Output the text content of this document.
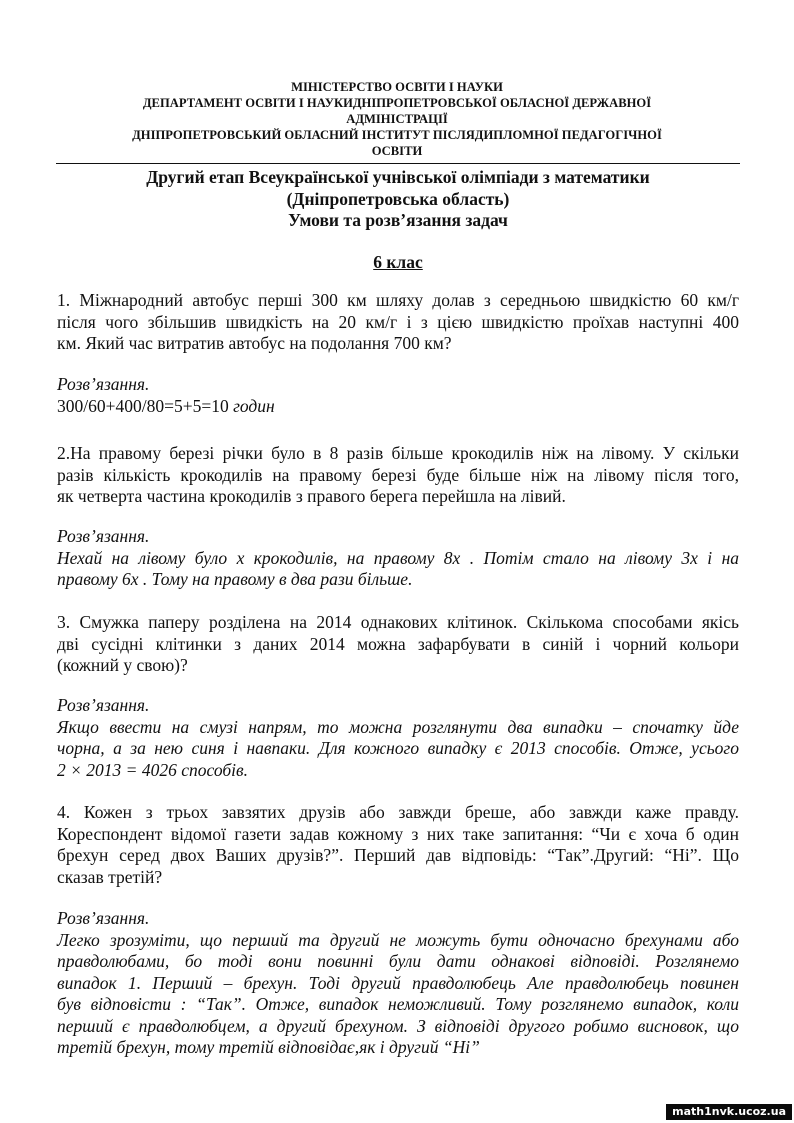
МІНІСТЕРСТВО ОСВІТИ І НАУКИ
ДЕПАРТАМЕНТ ОСВІТИ І НАУКИДНІПРОПЕТРОВСЬКОЇ ОБЛАСНОЇ ДЕРЖАВНОЇ
АДМІНІСТРАЦІЇ
ДНІПРОПЕТРОВСЬКИЙ ОБЛАСНИЙ ІНСТИТУТ ПІСЛЯДИПЛОМНОЇ ПЕДАГОГІЧНОЇ
ОСВІТИ
Другий етап Всеукраїнської учнівської олімпіади з математики
(Дніпропетровська область)
Умови та розв’язання задач
6 клас
1. Міжнародний автобус перші 300 км шляху долав з середньою швидкістю 60 км/г
після чого збільшив швидкість на 20 км/г і з цією швидкістю проїхав наступні 400
км. Який час витратив автобус на подолання 700 км?
Розв’язання.
300/60+400/80=5+5=10 годин
2.На правому березі річки було в 8 разів більше крокодилів ніж на лівому. У скільки
разів кількість крокодилів на правому березі буде більше ніж на лівому після того,
як четверта частина крокодилів з правого берега перейшла на лівий.
Розв’язання.
Нехай на лівому було x крокодилів, на правому 8x . Потім стало на лівому 3x і на
правому 6x . Тому на правому в два рази більше.
3. Смужка паперу розділена на 2014 однакових клітинок. Скількома способами якісь
дві сусідні клітинки з даних 2014 можна зафарбувати в синій і чорний кольори
(кожний у свою)?
Розв’язання.
Якщо ввести на смузі напрям, то можна розглянути два випадки – спочатку йде
чорна, а за нею синя і навпаки. Для кожного випадку є 2013 способів. Отже, усього
2 × 2013 = 4026 способів.
4. Кожен з трьох завзятих друзів або завжди бреше, або завжди каже правду.
Кореспондент відомої газети задав кожному з них таке запитання: “Чи є хоча б один
брехун серед двох Ваших друзів?”. Перший дав відповідь: “Так”.Другий: “Ні”. Що
сказав третій?
Розв’язання.
Легко зрозуміти, що перший та другий не можуть бути одночасно брехунами або
правдолюбами, бо тоді вони повинні були дати однакові відповіді. Розглянемо
випадок 1. Перший – брехун. Тоді другий правдолюбець Але правдолюбець повинен
був відповісти : “Так”. Отже, випадок неможливий. Тому розглянемо випадок, коли
перший є правдолюбцем, а другий брехуном. З відповіді другого робимо висновок, що
третій брехун, тому третій відповідає,як і другий “Ні”
math1nvk.ucoz.ua
